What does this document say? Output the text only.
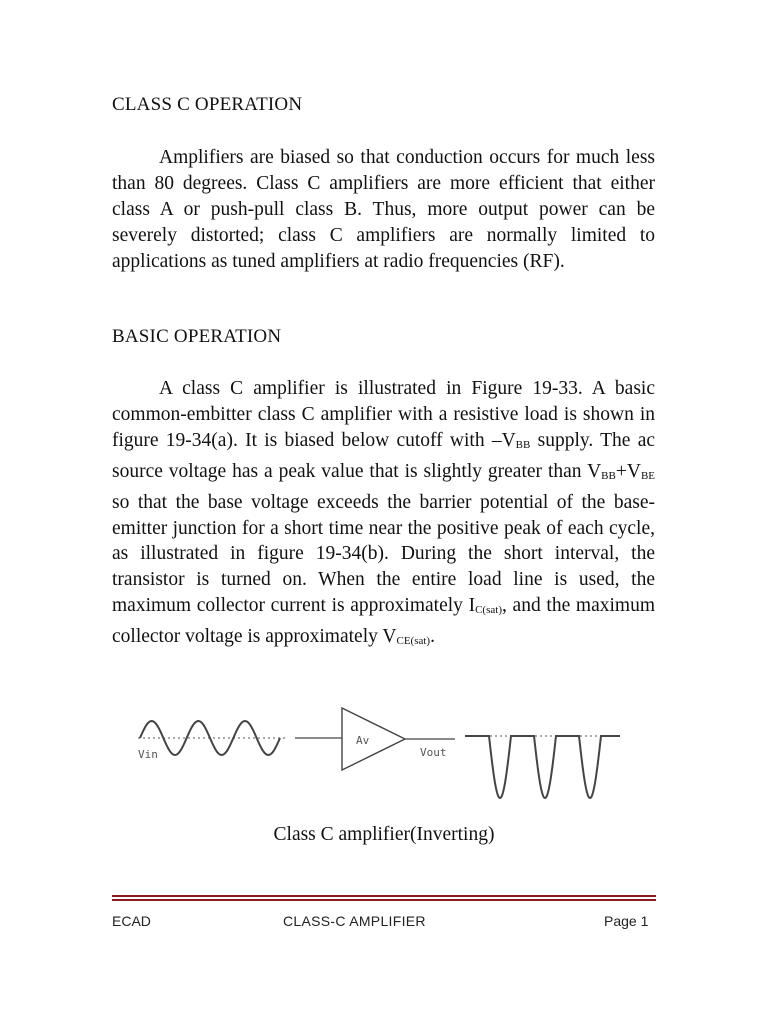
CLASS C OPERATION

Amplifiers are biased so that conduction occurs for much less than 80 degrees. Class C amplifiers are more efficient that either class A or push-pull class B. Thus, more output power can be severely distorted; class C amplifiers are normally limited to applications as tuned amplifiers at radio frequencies (RF).

BASIC OPERATION

A class C amplifier is illustrated in Figure 19-33. A basic common-embitter class C amplifier with a resistive load is shown in figure 19-34(a). It is biased below cutoff with $-V_{BB}$ supply. The ac source voltage has a peak value that is slightly greater than $V_{BB}+V_{BE}$ so that the base voltage exceeds the barrier potential of the base-emitter junction for a short time near the positive peak of each cycle, as illustrated in figure 19-34(b). During the short interval, the transistor is turned on. When the entire load line is used, the maximum collector current is approximately $I_{C(sat)}$, and the maximum collector voltage is approximately $V_{CE(sat)}$.

Vin
Av
Vout
Class C amplifier(Inverting)
ECAD	CLASS-C AMPLIFIER	Page 1
